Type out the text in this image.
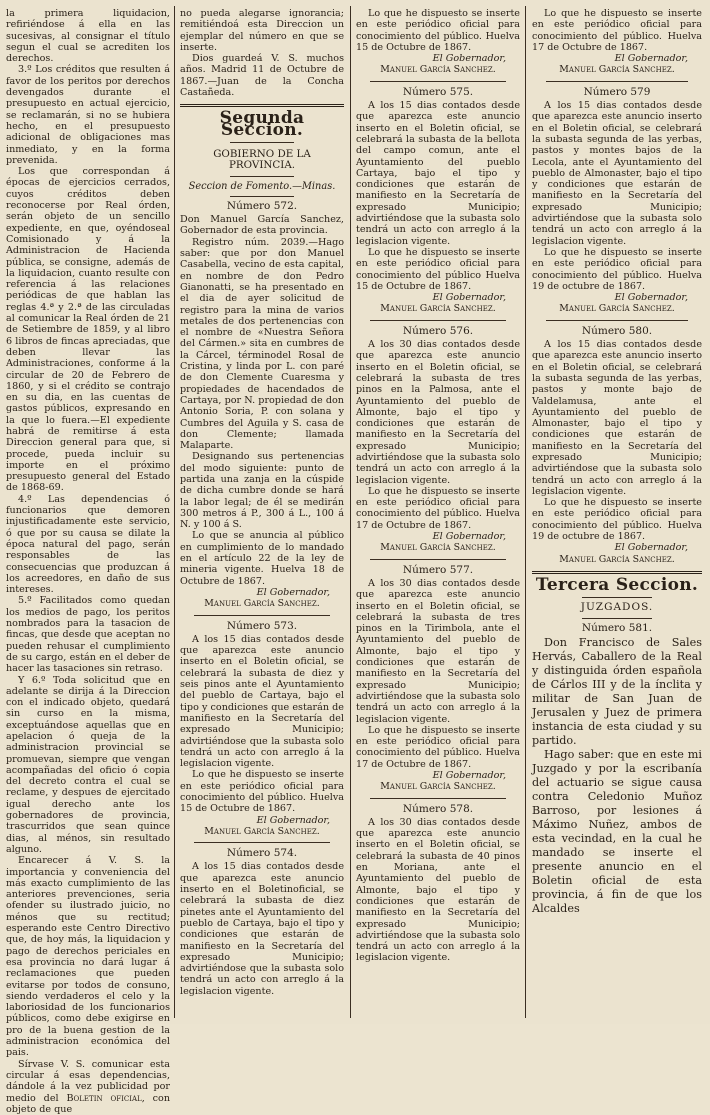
la primera liquidacion, refiriéndose á ella en las sucesivas, al consignar el título segun el cual se acrediten los derechos.

3.º Los créditos que resulten á favor de los peritos por derechos devengados durante el presupuesto en actual ejercicio, se reclamarán, si no se hubiera hecho, en el presupuesto adicional de obligaciones mas inmediato, y en la forma prevenida.

Los que correspondan á épocas de ejercicios cerrados, cuyos créditos deben reconocerse por Real órden, serán objeto de un sencillo expediente, en que, oyéndoseal Comisionado y á la Administracion de Hacienda pública, se consigne, además de la liquidacion, cuanto resulte con referencia á las relaciones periódicas de que hablan las reglas 4.ª y 2.ª de las circuladas al comunicar la Real órden de 21 de Setiembre de 1859, y al libro 6 libros de fincas apreciadas, que deben llevar las Administraciones, conforme á la circular de 20 de Febrero de 1860, y si el crédito se contrajo en su dia, en las cuentas de gastos públicos, expresando en la que lo fuera.—El expediente habrá de remitirse á esta Direccion general para que, si procede, pueda incluir su importe en el próximo presupuesto general del Estado de 1868-69.

4.º Las dependencias ó funcionarios que demoren injustificadamente este servicio, ó que por su causa se dilate la época natural del pago, serán responsables de las consecuencias que produzcan á los acreedores, en daño de sus intereses.

5.º Facilitados como quedan los medios de pago, los peritos nombrados para la tasacion de fincas, que desde que aceptan no pueden rehusar el cumplimiento de su cargo, están en el deber de hacer las tasaciones sin retraso.

Y 6.º Toda solicitud que en adelante se dirija á la Direccion con el indicado objeto, quedará sin curso en la misma, exceptuándose aquellas que en apelacion ó queja de la administracion provincial se promuevan, siempre que vengan acompañadas del oficio ó copia del decreto contra el cual se reclame, y despues de ejercitado igual derecho ante los gobernadores de provincia, trascurridos que sean quince dias, al ménos, sin resultado alguno.

Encarecer á V. S. la importancia y conveniencia del más exacto cumplimiento de las anteriores prevenciones, seria ofender su ilustrado juicio, no ménos que su rectitud; esperando este Centro Directivo que, de hoy más, la liquidacion y pago de derechos periciales en esa provincia no dará lugar á reclamaciones que pueden evitarse por todos de consuno, siendo verdaderos el celo y la laboriosidad de los funcionarios públicos, como debe exigirse en pro de la buena gestion de la administracion económica del pais.

Sírvase V. S. comunicar esta circular á esas dependencias, dándole á la vez publicidad por medio del Boletin oficial, con objeto de que

no pueda alegarse ignorancia; remitiéndoá esta Direccion un ejemplar del número en que se inserte.

Dios guardeá V. S. muchos años. Madrid 11 de Octubre de 1867.—Juan de la Concha Castañeda.

Segunda Seccion.
GOBIERNO DE LA PROVINCIA.
Seccion de Fomento.—Minas.
Número 572.

Don Manuel García Sanchez, Gobernador de esta provincia.

Registro núm. 2039.—Hago saber: que por don Manuel Casabella, vecino de esta capital, en nombre de don Pedro Gianonatti, se ha presentado en el dia de ayer solicitud de registro para la mina de varios metales de dos pertenencias con el nombre de «Nuestra Señora del Cármen.» sita en cumbres de la Cárcel, términodel Rosal de Cristina, y linda por L. con paré de don Clemente Cuaresma y propiedades de hacendados de Cartaya, por N. propiedad de don Antonio Soria, P. con solana y Cumbres del Aguila y S. casa de don Clemente; llamada Malaparte.

Designando sus pertenencias del modo siguiente: punto de partida una zanja en la cúspide de dicha cumbre donde se hará la labor legal; de él se medirán 300 metros á P., 300 á L., 100 á N. y 100 á S.

Lo que se anuncia al público en cumplimiento de lo mandado en el artículo 22 de la ley de mineria vigente. Huelva 18 de Octubre de 1867.

El Gobernador,

Manuel García Sanchez.

Número 573.

A los 15 dias contados desde que aparezca este anuncio inserto en el Boletin oficial, se celebrará la subasta de diez y seis pinos ante el Ayuntamiento del pueblo de Cartaya, bajo el tipo y condiciones que estarán de manifiesto en la Secretaría del expresado Municipio; advirtiéndose que la subasta solo tendrá un acto con arreglo á la legislacion vigente.

Lo que he dispuesto se inserte en este periódico oficial para conocimiento del público. Huelva 15 de Octubre de 1867.

El Gobernador,

Manuel García Sanchez.

Número 574.

A los 15 dias contados desde que aparezca este anuncio inserto en el Boletinoficial, se celebrará la subasta de diez pinetes ante el Ayuntamiento del pueblo de Cartaya, bajo el tipo y condiciones que estarán de manifiesto en la Secretaría del expresado Municipio; advirtiéndose que la subasta solo tendrá un acto con arreglo á la legislacion vigente.

Lo que he dispuesto se inserte en este periódico oficial para conocimiento del público. Huelva 15 de Octubre de 1867.

El Gobernador,

Manuel García Sanchez.

Número 575.

A los 15 dias contados desde que aparezca este anuncio inserto en el Boletin oficial, se celebrará la subasta de la bellota del campo comun, ante el Ayuntamiento del pueblo Cartaya, bajo el tipo y condiciones que estarán de manifiesto en la Secretaría de expresado Municipio; advirtiéndose que la subasta solo tendrá un acto con arreglo á la legislacion vigente.

Lo que he dispuesto se inserte en este periódico oficial para conocimiento del público Huelva 15 de Octubre de 1867.

El Gobernador,

Manuel García Sanchez.

Número 576.

A los 30 dias contados desde que aparezca este anuncio inserto en el Boletin oficial, se celebrará la subasta de tres pinos en la Palmosa, ante el Ayuntamiento del pueblo de Almonte, bajo el tipo y condiciones que estarán de manifiesto en la Secretaría del expresado Municipio; advirtiéndose que la subasta solo tendrá un acto con arreglo á la legislacion vigente.

Lo que he dispuesto se inserte en este periódico oficial para conocimiento del público. Huelva 17 de Octubre de 1867.

El Gobernador,

Manuel García Sanchez.

Número 577.

A los 30 dias contados desde que aparezca este anuncio inserto en el Boletin oficial, se celebrará la subasta de tres pinos en la Tirimbola, ante el Ayuntamiento del pueblo de Almonte, bajo el tipo y condiciones que estarán de manifiesto en la Secretaría del expresado Municipio; advirtiéndose que la subasta solo tendrá un acto con arreglo á la legislacion vigente.

Lo que he dispuesto se inserte en este periódico oficial para conocimiento del público. Huelva 17 de Octubre de 1867.

El Gobernador,

Manuel García Sanchez.

Número 578.

A los 30 dias contados desde que aparezca este anuncio inserto en el Boletin oficial, se celebrará la subasta de 40 pinos en Moriana, ante el Ayuntamiento del pueblo de Almonte, bajo el tipo y condiciones que estarán de manifiesto en la Secretaría del expresado Municipio; advirtiéndose que la subasta solo tendrá un acto con arreglo á la legislacion vigente.

Lo que he dispuesto se inserte en este periódico oficial para conocimiento del público. Huelva 17 de Octubre de 1867.

El Gobernador,

Manuel García Sanchez.

Número 579

A los 15 dias contados desde que aparezca este anuncio inserto en el Boletin oficial, se celebrará la subasta segunda de las yerbas, pastos y montes bajos de la Lecola, ante el Ayuntamiento del pueblo de Almonaster, bajo el tipo y condiciones que estarán de manifiesto en la Secretaría del expresado Municipio; advirtiéndose que la subasta solo tendrá un acto con arreglo á la legislacion vigente.

Lo que he dispuesto se inserte en este periódico oficial para conocimiento del público. Huelva 19 de octubre de 1867.

El Gobernador,

Manuel García Sanchez.

Número 580.

A los 15 dias contados desde que aparezca este anuncio inserto en el Boletin oficial, se celebrará la subasta segunda de las yerbas, pastos y monte bajo de Valdelamusa, ante el Ayuntamiento del pueblo de Almonaster, bajo el tipo y condiciones que estarán de manifiesto en la Secretaría del expresado Municipio; advirtiéndose que la subasta solo tendrá un acto con arreglo á la legislacion vigente.

Lo que he dispuesto se inserte en este periódico oficial para conocimiento del público. Huelva 19 de octubre de 1867.

El Gobernador,

Manuel García Sanchez.

Tercera Seccion.
JUZGADOS.
Número 581.

Don Francisco de Sales Hervás, Caballero de la Real y distinguida órden española de Cárlos III y de la ínclita y militar de San Juan de Jerusalen y Juez de primera instancia de esta ciudad y su partido.

Hago saber: que en este mi Juzgado y por la escribanía del actuario se sigue causa contra Celedonio Muñoz Barroso, por lesiones á Máximo Nuñez, ambos de esta vecindad, en la cual he mandado se inserte el presente anuncio en el Boletin oficial de esta provincia, á fin de que los Alcaldes
